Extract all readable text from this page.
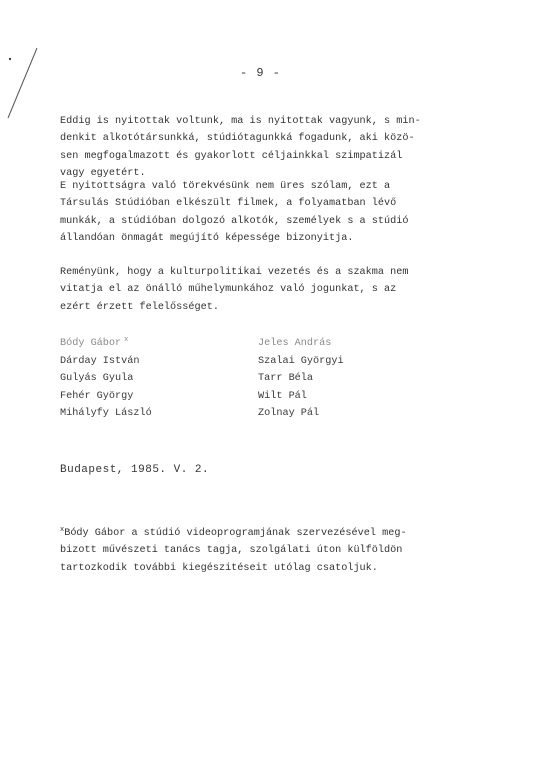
- 9 -
Eddig is nyitottak voltunk, ma is nyitottak vagyunk, s min-
denkit alkotótársunkká, stúdiótagunkká fogadunk, aki közö-
sen megfogalmazott és gyakorlott céljainkkal szimpatizál
vagy egyetért.
E nyitottságra való törekvésünk nem üres szólam, ezt a
Társulás Stúdióban elkészült filmek, a folyamatban lévő
munkák, a stúdióban dolgozó alkotók, személyek s a stúdió
állandóan önmagát megújító képessége bizonyitja.
Reményünk, hogy a kulturpolitikai vezetés és a szakma nem
vitatja el az önálló műhelymunkához való jogunkat, s az
ezért érzett felelősséget.
Bódy Gábor $^x$
Dárday István
Gulyás Gyula
Fehér György
Mihályfy László
Jeles András
Szalai Györgyi
Tarr Béla
Wilt Pál
Zolnay Pál
Budapest, 1985. V. 2.
$^x$Bódy Gábor a stúdió videoprogramjának szervezésével meg-
bizott művészeti tanács tagja, szolgálati úton külföldön
tartozkodik további kiegészitéseit utólag csatoljuk.
